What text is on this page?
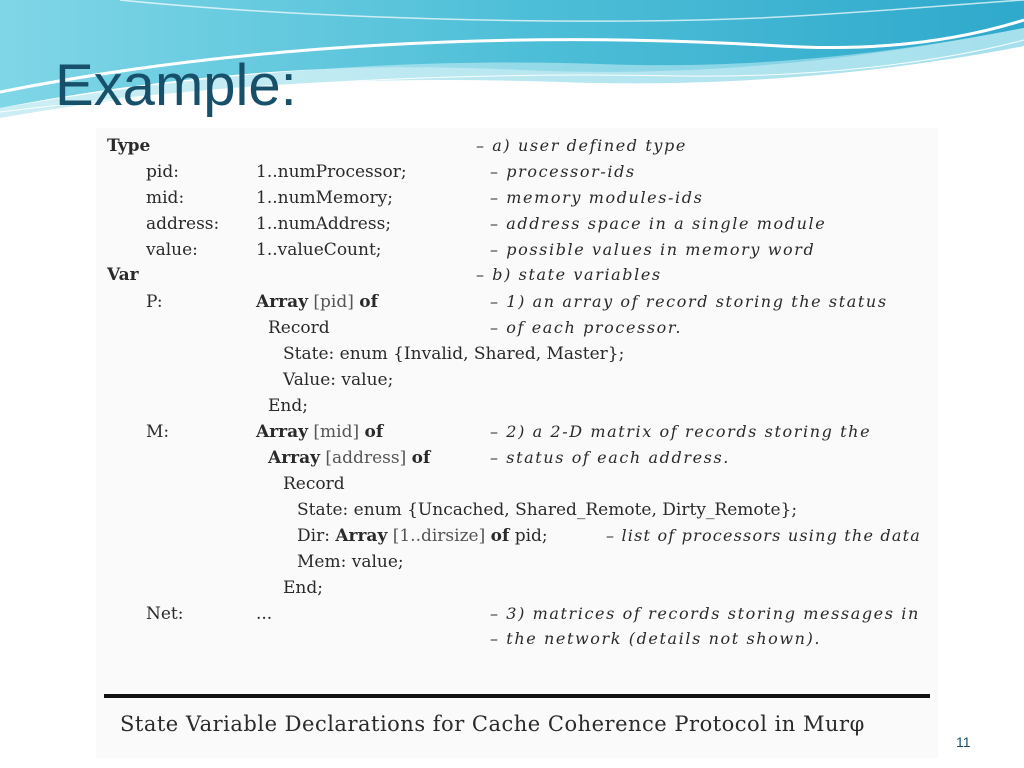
Example:
Type	– a) user defined type
pid:	1..numProcessor;	– processor-ids
mid:	1..numMemory;	– memory modules-ids
address: 1..numAddress;	– address space in a single module
value:	1..valueCount;	– possible values in memory word
Var	– b) state variables
P:	Array [pid] of	– 1) an array of record storing the status
Record	– of each processor.
State: enum {Invalid, Shared, Master};
Value: value;
End;
M:	Array [mid] of	– 2) a 2-D matrix of records storing the
Array [address] of	– status of each address.
Record
State: enum {Uncached, Shared_Remote, Dirty_Remote};
Dir: Array [1..dirsize] of pid;	– list of processors using the data
Mem: value;
End;
Net:	...	– 3) matrices of records storing messages in
– the network (details not shown).
State Variable Declarations for Cache Coherence Protocol in Murφ
11
